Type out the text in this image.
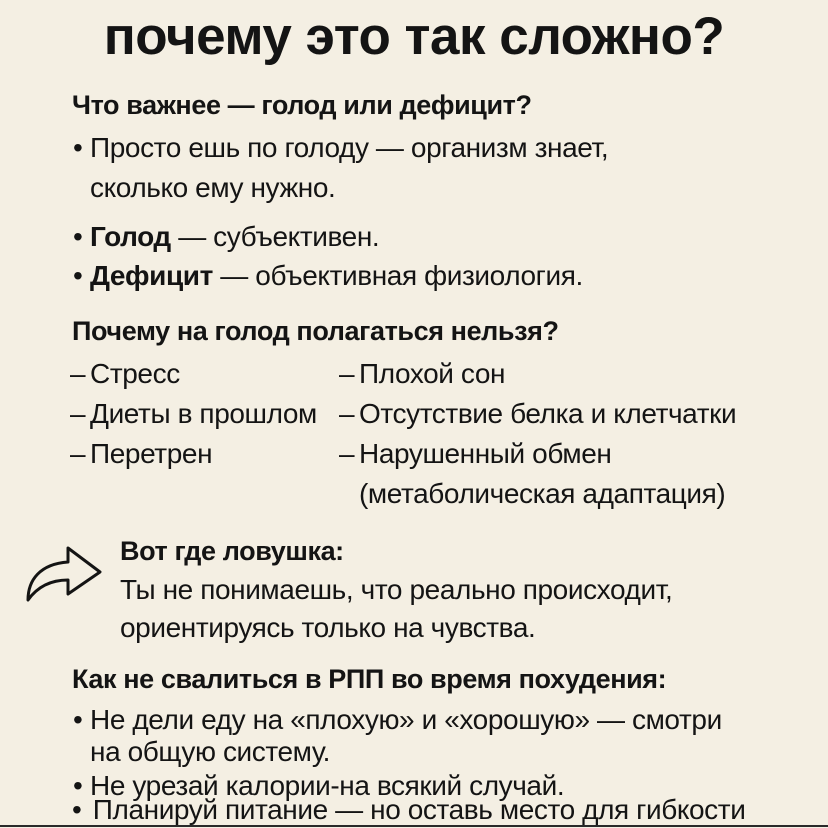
почему это так сложно?
Что важнее — голод или дефицит?
• Просто ешь по голоду — организм знает,
сколько ему нужно.
• Голод — субъективен.
• Дефицит — объективная физиология.
Почему на голод полагаться нельзя?
– Стресс	– Плохой сон
– Диеты в прошлом – Отсутствие белка и клетчатки
– Перетрен	– Нарушенный обмен
(метаболическая адаптация)
Вот где ловушка:
Ты не понимаешь, что реально происходит,
ориентируясь только на чувства.
Как не свалиться в РПП во время похудения:
• Не дели еду на «плохую» и «хорошую» — смотри
на общую систему.
• Не урезай калории-на всякий случай.
• Планируй питание — но оставь место для гибкости
